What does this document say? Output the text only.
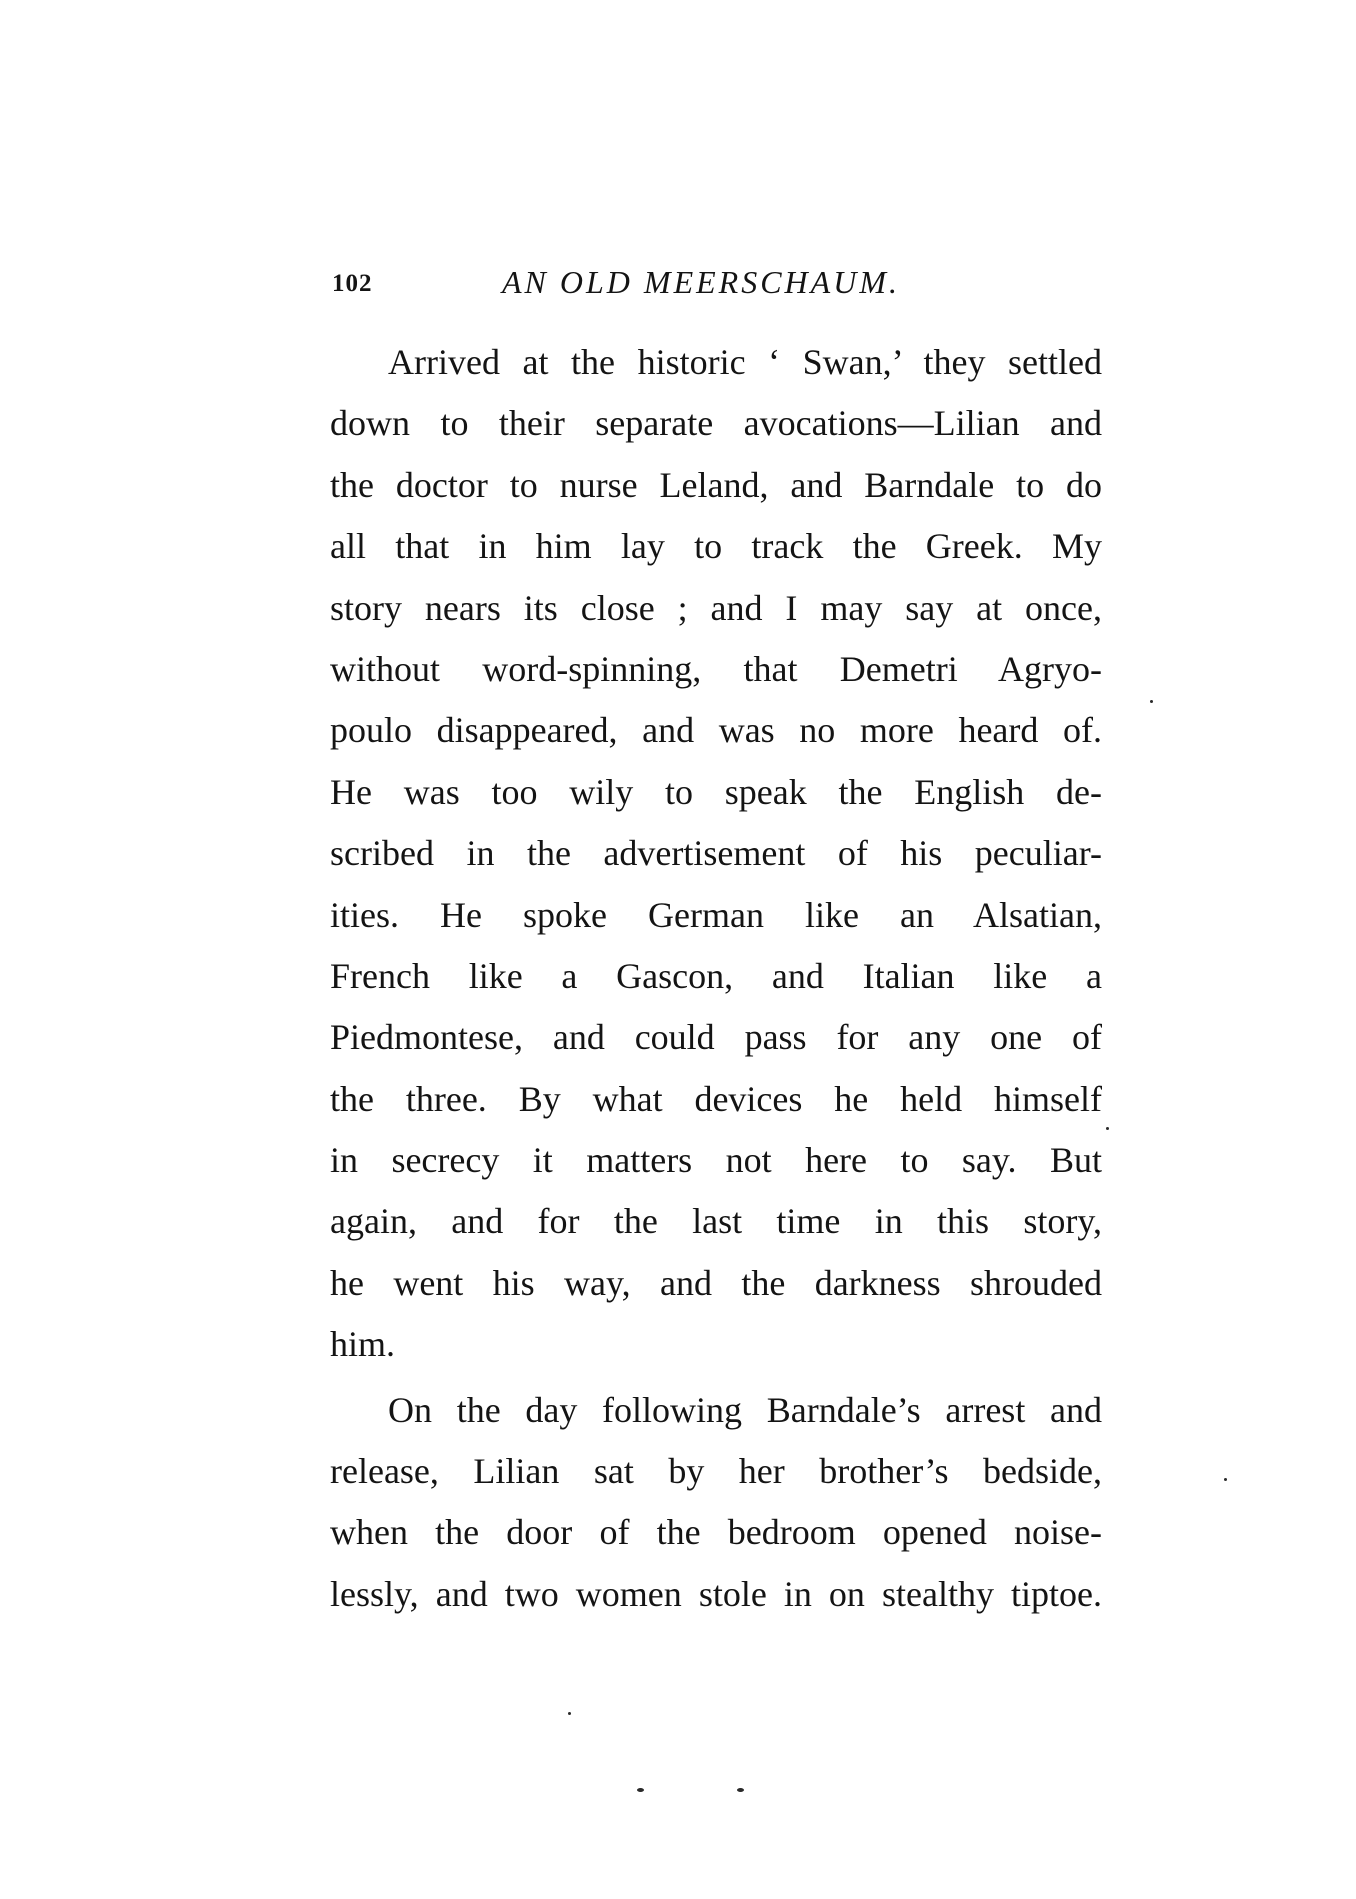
102	AN OLD MEERSCHAUM.
Arrived at the historic ‘ Swan,’ they settled
down to their separate avocations—Lilian and
the doctor to nurse Leland, and Barndale to do
all that in him lay to track the Greek. My
story nears its close ; and I may say at once,
without word-spinning, that Demetri Agryo-
poulo disappeared, and was no more heard of.
He was too wily to speak the English de-
scribed in the advertisement of his peculiar-
ities. He spoke German like an Alsatian,
French like a Gascon, and Italian like a
Piedmontese, and could pass for any one of
the three. By what devices he held himself
in secrecy it matters not here to say. But
again, and for the last time in this story,
he went his way, and the darkness shrouded
him.
On the day following Barndale’s arrest and
release, Lilian sat by her brother’s bedside,
when the door of the bedroom opened noise-
lessly, and two women stole in on stealthy tiptoe.
